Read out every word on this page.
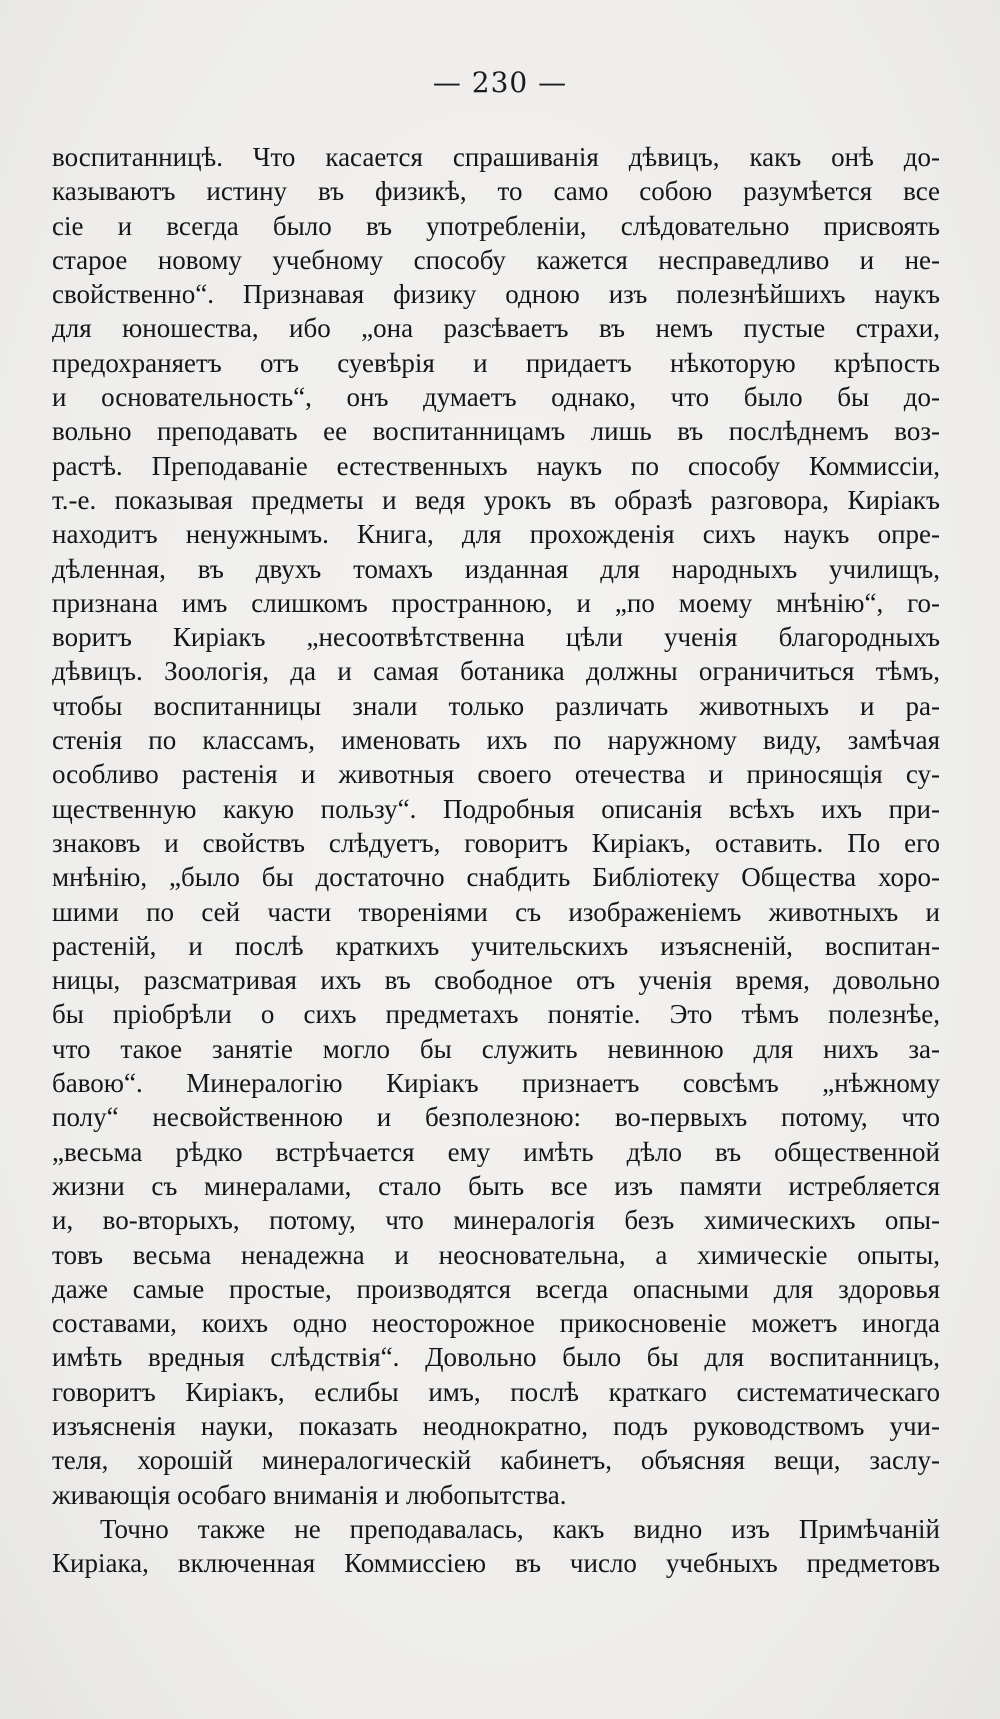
— 230 —
воспитанницѣ. Что касается спрашиванія дѣвицъ, какъ онѣ до-
казываютъ истину въ физикѣ, то само собою разумѣется все
сіе и всегда было въ употребленіи, слѣдовательно присвоять
старое новому учебному способу кажется несправедливо и не-
свойственно“. Признавая физику одною изъ полезнѣйшихъ наукъ
для юношества, ибо „она разсѣваетъ въ немъ пустые страхи,
предохраняетъ отъ суевѣрія и придаетъ нѣкоторую крѣпость
и основательность“, онъ думаетъ однако, что было бы до-
вольно преподавать ее воспитанницамъ лишь въ послѣднемъ воз-
растѣ. Преподаваніе естественныхъ наукъ по способу Коммиссіи,
т.-е. показывая предметы и ведя урокъ въ образѣ разговора, Киріакъ
находитъ ненужнымъ. Книга, для прохожденія сихъ наукъ опре-
дѣленная, въ двухъ томахъ изданная для народныхъ училищъ,
признана имъ слишкомъ пространною, и „по моему мнѣнію“, го-
воритъ Киріакъ „несоотвѣтственна цѣли ученія благородныхъ
дѣвицъ. Зоологія, да и самая ботаника должны ограничиться тѣмъ,
чтобы воспитанницы знали только различать животныхъ и ра-
стенія по классамъ, именовать ихъ по наружному виду, замѣчая
особливо растенія и животныя своего отечества и приносящія су-
щественную какую пользу“. Подробныя описанія всѣхъ ихъ при-
знаковъ и свойствъ слѣдуетъ, говоритъ Киріакъ, оставить. По его
мнѣнію, „было бы достаточно снабдить Библіотеку Общества хоро-
шими по сей части твореніями съ изображеніемъ животныхъ и
растеній, и послѣ краткихъ учительскихъ изъясненій, воспитан-
ницы, разсматривая ихъ въ свободное отъ ученія время, довольно
бы пріобрѣли о сихъ предметахъ понятіе. Это тѣмъ полезнѣе,
что такое занятіе могло бы служить невинною для нихъ за-
бавою“. Минералогію Киріакъ признаетъ совсѣмъ „нѣжному
полу“ несвойственною и безполезною: во-первыхъ потому, что
„весьма рѣдко встрѣчается ему имѣть дѣло въ общественной
жизни съ минералами, стало быть все изъ памяти истребляется
и, во-вторыхъ, потому, что минералогія безъ химическихъ опы-
товъ весьма ненадежна и неосновательна, а химическіе опыты,
даже самые простые, производятся всегда опасными для здоровья
составами, коихъ одно неосторожное прикосновеніе можетъ иногда
имѣть вредныя слѣдствія“. Довольно было бы для воспитанницъ,
говоритъ Киріакъ, еслибы имъ, послѣ краткаго систематическаго
изъясненія науки, показать неоднократно, подъ руководствомъ учи-
теля, хорошій минералогическій кабинетъ, объясняя вещи, заслу-
живающія особаго вниманія и любопытства.
Точно также не преподавалась, какъ видно изъ Примѣчаній
Киріака, включенная Коммиссіею въ число учебныхъ предметовъ
